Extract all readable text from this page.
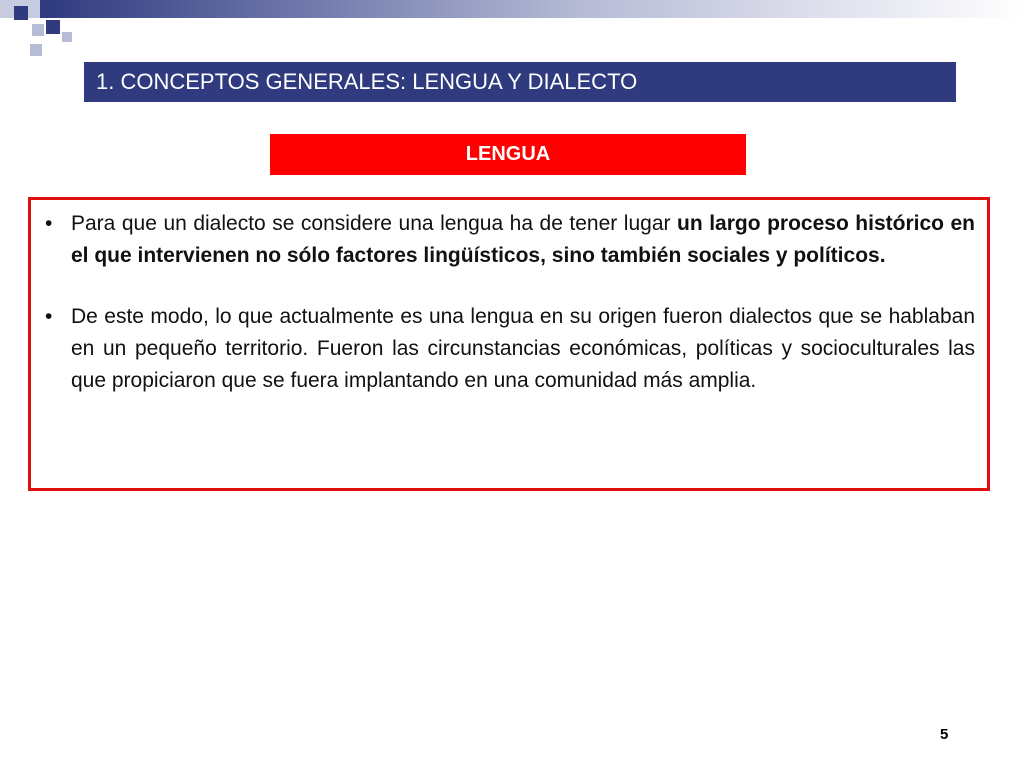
1. CONCEPTOS GENERALES: LENGUA Y DIALECTO
LENGUA
• Para que un dialecto se considere una lengua ha de tener lugar un largo proceso histórico en el que intervienen no sólo factores lingüísticos, sino también sociales y políticos.
• De este modo, lo que actualmente es una lengua en su origen fueron dialectos que se hablaban en un pequeño territorio. Fueron las circunstancias económicas, políticas y socioculturales las que propiciaron que se fuera implantando en una comunidad más amplia.
5
